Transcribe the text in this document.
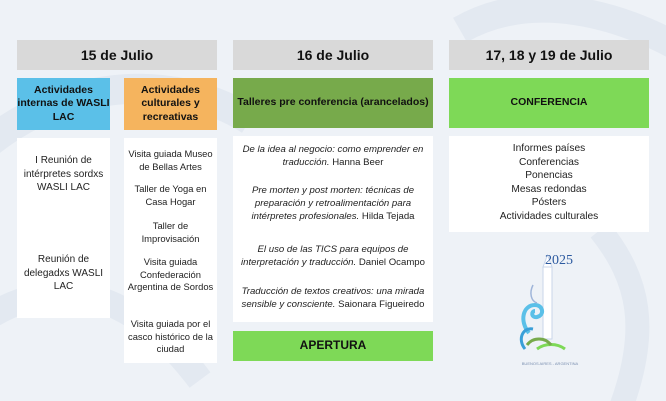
15 de Julio
Actividades internas de WASLI LAC
Actividades culturales y recreativas
I Reunión de intérpretes sordxs WASLI LAC
Reunión de delegadxs WASLI LAC
Visita guiada Museo de Bellas Artes
Taller de Yoga en Casa Hogar
Taller de Improvisación
Visita guiada Confederación Argentina de Sordos
Visita guiada por el casco histórico de la ciudad
16 de Julio
Talleres pre conferencia (arancelados)
De la idea al negocio: como emprender en traducción. Hanna Beer
Pre morten y post morten: técnicas de preparación y retroalimentación para intérpretes profesionales. Hilda Tejada
El uso de las TICS para equipos de interpretación y traducción. Daniel Ocampo
Traducción de textos creativos: una mirada sensible y consciente. Saionara Figueiredo
APERTURA
17, 18 y 19 de Julio
CONFERENCIA
Informes países
Conferencias
Ponencias
Mesas redondas
Pósters
Actividades culturales
2025
BUENOS AIRES - ARGENTINA
